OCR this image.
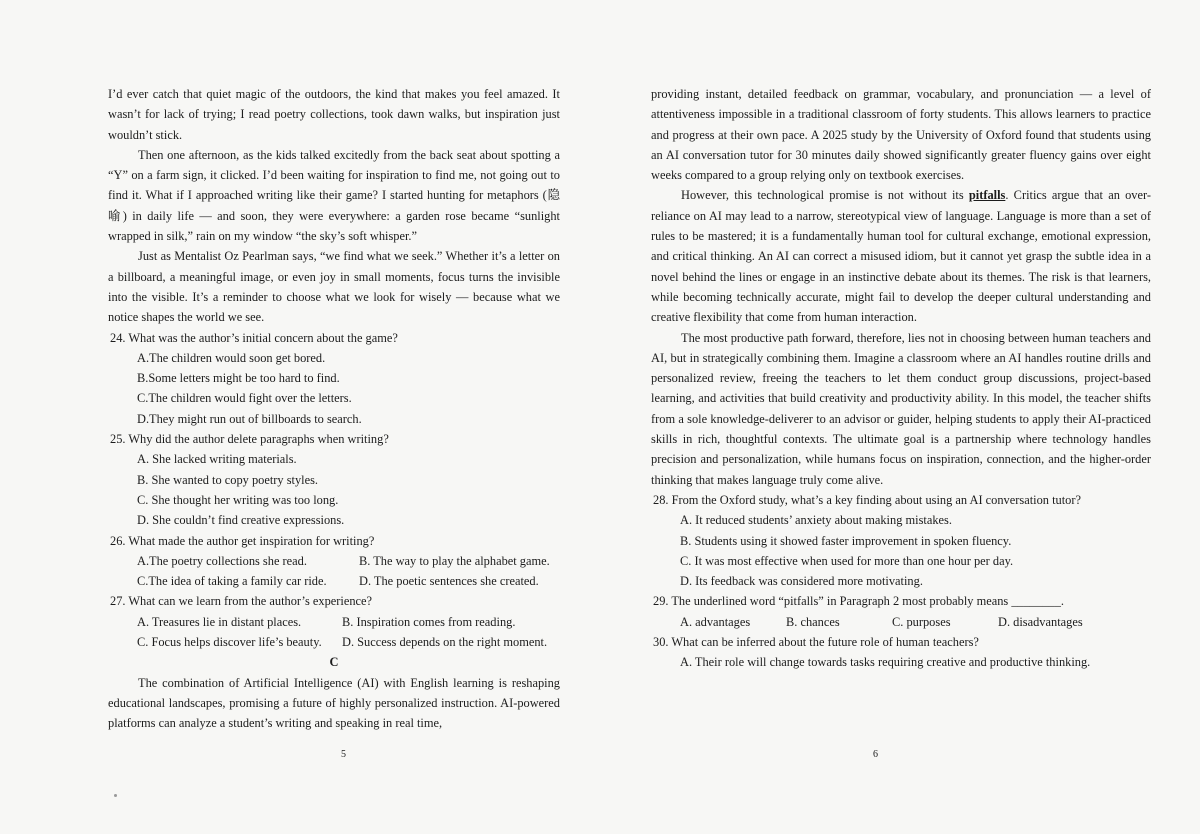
I’d ever catch that quiet magic of the outdoors, the kind that makes you feel amazed. It wasn’t for lack of trying; I read poetry collections, took dawn walks, but inspiration just wouldn’t stick.

Then one afternoon, as the kids talked excitedly from the back seat about spotting a “Y” on a farm sign, it clicked. I’d been waiting for inspiration to find me, not going out to find it. What if I approached writing like their game? I started hunting for metaphors (隐喻) in daily life — and soon, they were everywhere: a garden rose became “sunlight wrapped in silk,” rain on my window “the sky’s soft whisper.”

Just as Mentalist Oz Pearlman says, “we find what we seek.” Whether it’s a letter on a billboard, a meaningful image, or even joy in small moments, focus turns the invisible into the visible. It’s a reminder to choose what we look for wisely — because what we notice shapes the world we see.

24. What was the author’s initial concern about the game?
A.The children would soon get bored.
B.Some letters might be too hard to find.
C.The children would fight over the letters.
D.They might run out of billboards to search.
25. Why did the author delete paragraphs when writing?
A. She lacked writing materials.
B. She wanted to copy poetry styles.
C. She thought her writing was too long.
D. She couldn’t find creative expressions.
26. What made the author get inspiration for writing?
A.The poetry collections she read.	B. The way to play the alphabet game.
C.The idea of taking a family car ride.	D. The poetic sentences she created.
27. What can we learn from the author’s experience?
A. Treasures lie in distant places.	B. Inspiration comes from reading.
C. Focus helps discover life’s beauty.	D. Success depends on the right moment.
C

The combination of Artificial Intelligence (AI) with English learning is reshaping educational landscapes, promising a future of highly personalized instruction. AI-powered platforms can analyze a student’s writing and speaking in real time,

5

providing instant, detailed feedback on grammar, vocabulary, and pronunciation — a level of attentiveness impossible in a traditional classroom of forty students. This allows learners to practice and progress at their own pace. A 2025 study by the University of Oxford found that students using an AI conversation tutor for 30 minutes daily showed significantly greater fluency gains over eight weeks compared to a group relying only on textbook exercises.

However, this technological promise is not without its pitfalls. Critics argue that an over-reliance on AI may lead to a narrow, stereotypical view of language. Language is more than a set of rules to be mastered; it is a fundamentally human tool for cultural exchange, emotional expression, and critical thinking. An AI can correct a misused idiom, but it cannot yet grasp the subtle idea in a novel behind the lines or engage in an instinctive debate about its themes. The risk is that learners, while becoming technically accurate, might fail to develop the deeper cultural understanding and creative flexibility that come from human interaction.

The most productive path forward, therefore, lies not in choosing between human teachers and AI, but in strategically combining them. Imagine a classroom where an AI handles routine drills and personalized review, freeing the teachers to let them conduct group discussions, project-based learning, and activities that build creativity and productivity ability. In this model, the teacher shifts from a sole knowledge-deliverer to an advisor or guider, helping students to apply their AI-practiced skills in rich, thoughtful contexts. The ultimate goal is a partnership where technology handles precision and personalization, while humans focus on inspiration, connection, and the higher-order thinking that makes language truly come alive.

28. From the Oxford study, what’s a key finding about using an AI conversation tutor?
A. It reduced students’ anxiety about making mistakes.
B. Students using it showed faster improvement in spoken fluency.
C. It was most effective when used for more than one hour per day.
D. Its feedback was considered more motivating.
29. The underlined word “pitfalls” in Paragraph 2 most probably means ________.
A. advantages	B. chances	C. purposes	D. disadvantages
30. What can be inferred about the future role of human teachers?
A. Their role will change towards tasks requiring creative and productive thinking.
6
